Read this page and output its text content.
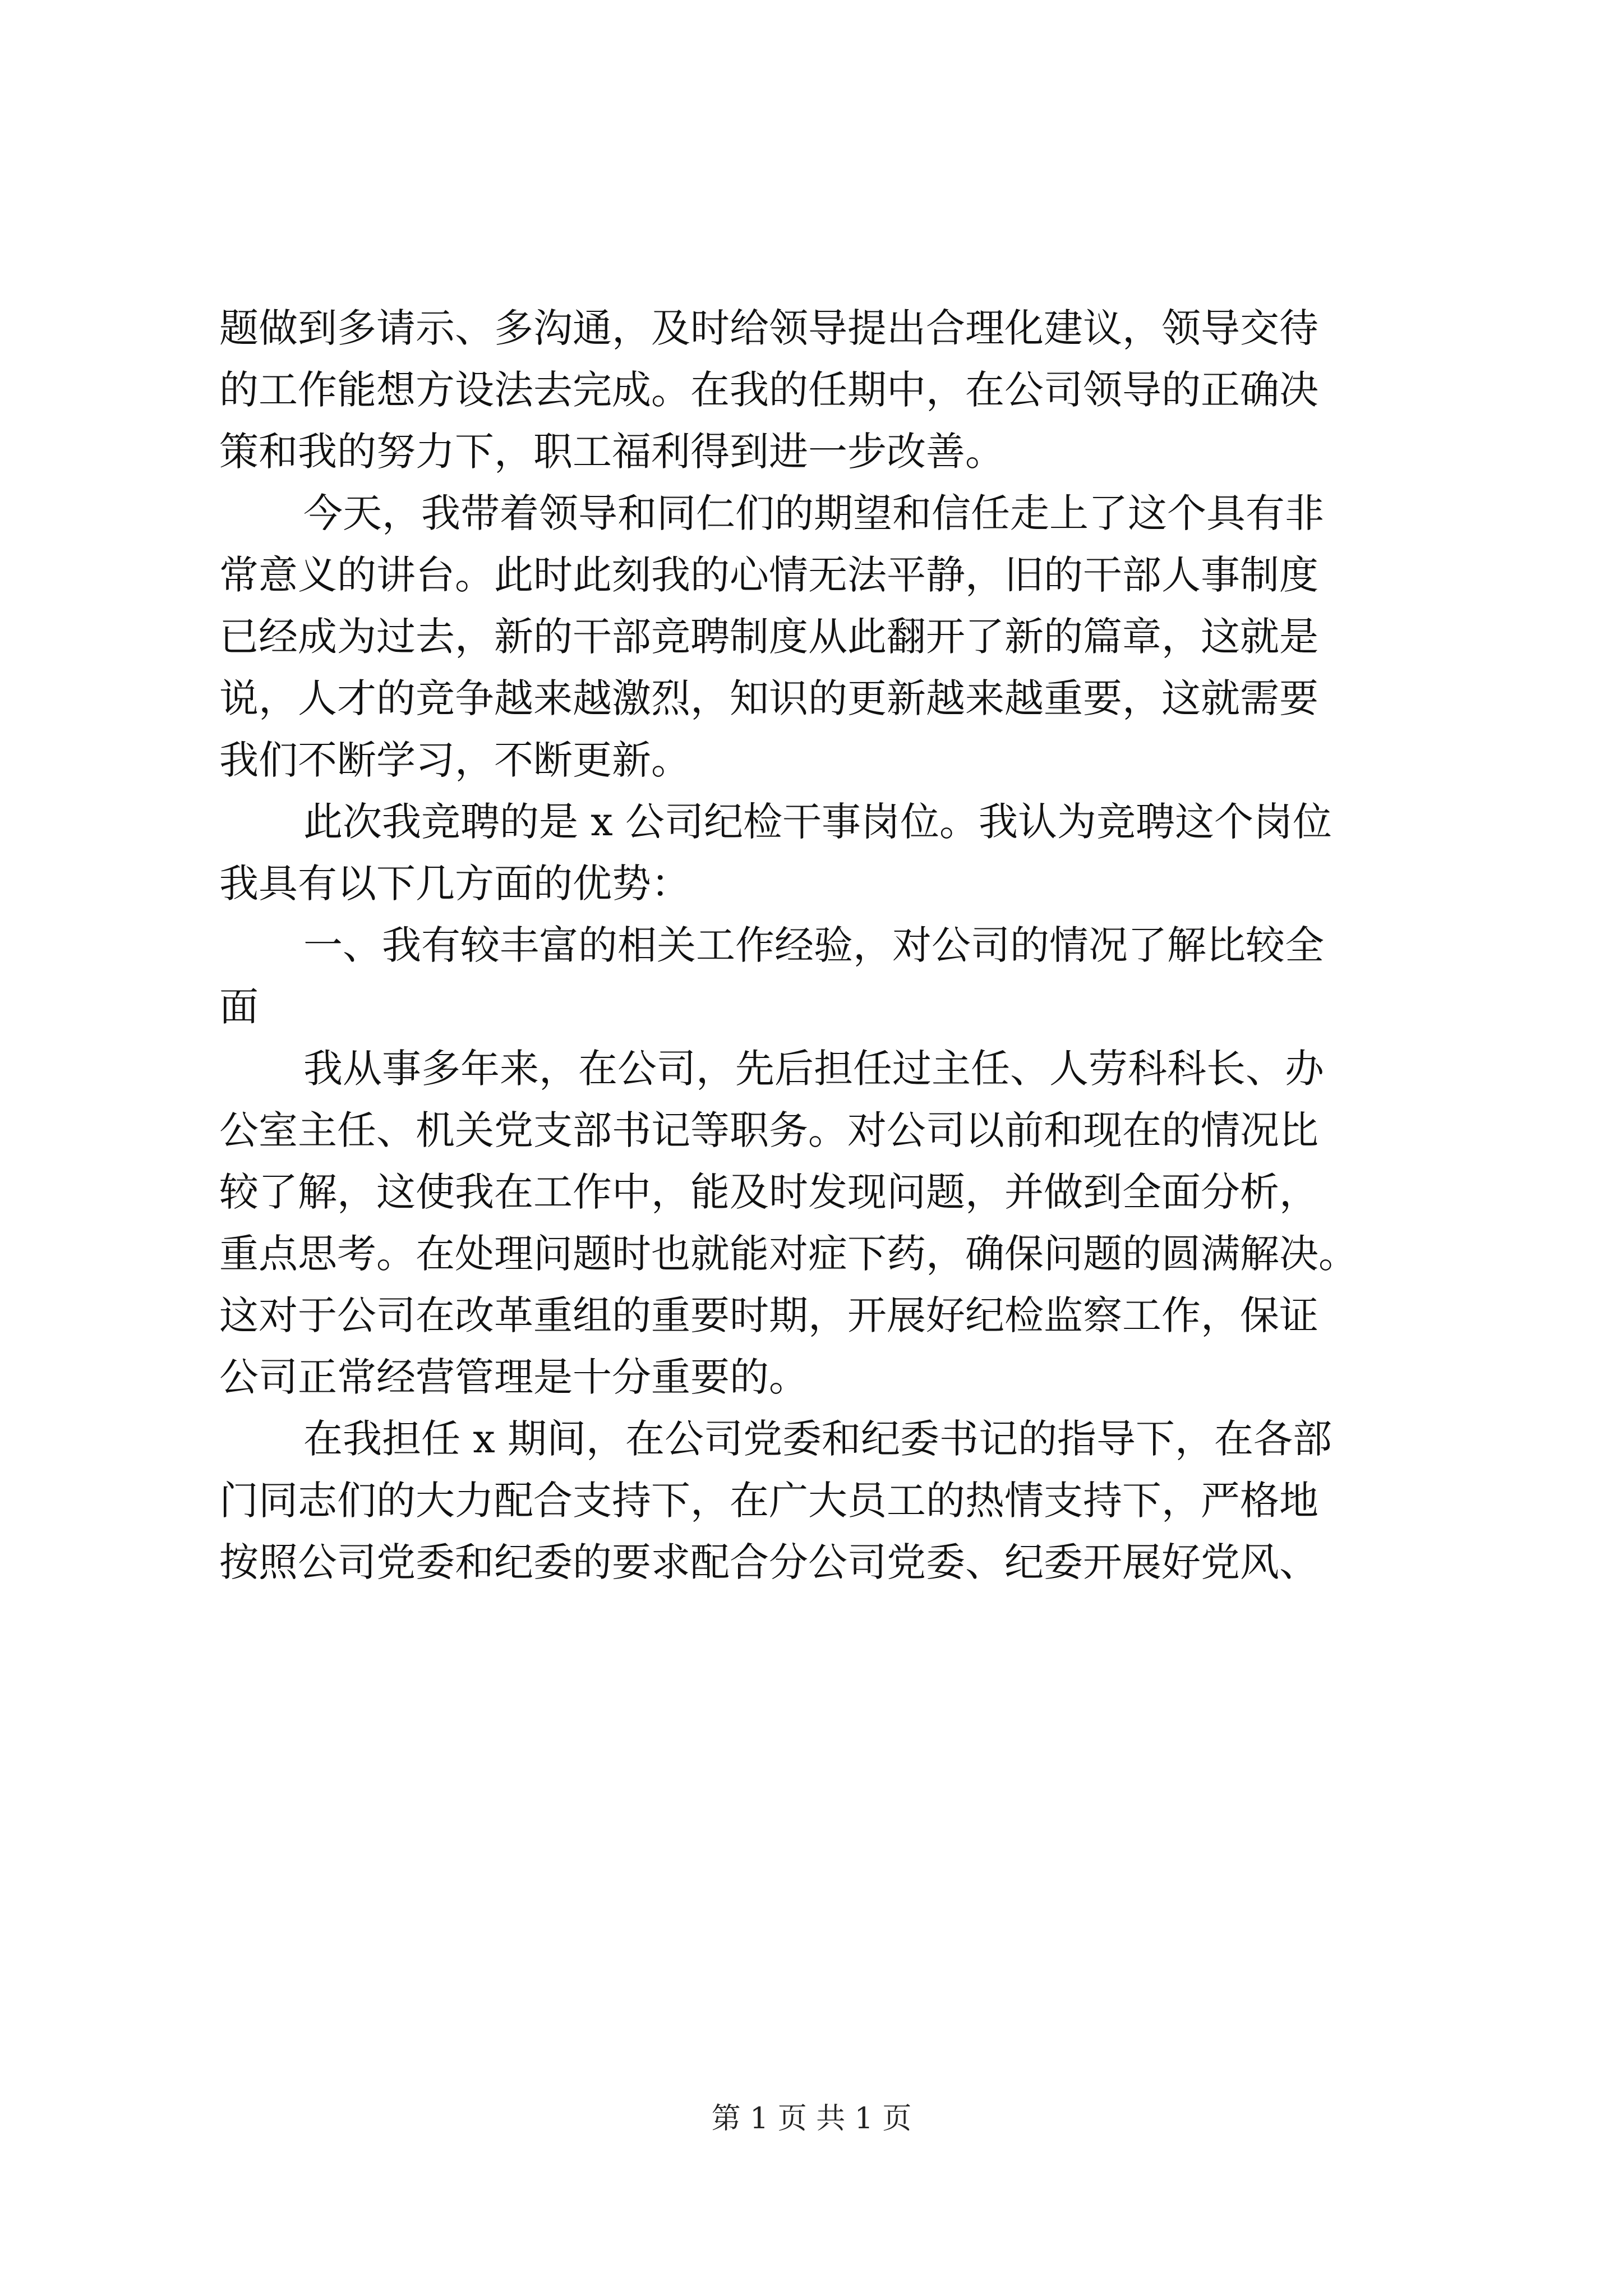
题做到多请示、多沟通，及时给领导提出合理化建议，领导交待
的工作能想方设法去完成。在我的任期中，在公司领导的正确决
策和我的努力下，职工福利得到进一步改善。
今天，我带着领导和同仁们的期望和信任走上了这个具有非
常意义的讲台。此时此刻我的心情无法平静，旧的干部人事制度
已经成为过去，新的干部竞聘制度从此翻开了新的篇章，这就是
说，人才的竞争越来越激烈，知识的更新越来越重要，这就需要
我们不断学习，不断更新。
此次我竞聘的是 x 公司纪检干事岗位。我认为竞聘这个岗位
我具有以下几方面的优势：
一、我有较丰富的相关工作经验，对公司的情况了解比较全
面
我从事多年来，在公司，先后担任过主任、人劳科科长、办
公室主任、机关党支部书记等职务。对公司以前和现在的情况比
较了解，这使我在工作中，能及时发现问题，并做到全面分析，
重点思考。在处理问题时也就能对症下药，确保问题的圆满解决。
这对于公司在改革重组的重要时期，开展好纪检监察工作，保证
公司正常经营管理是十分重要的。
在我担任 x 期间，在公司党委和纪委书记的指导下，在各部
门同志们的大力配合支持下，在广大员工的热情支持下，严格地
按照公司党委和纪委的要求配合分公司党委、纪委开展好党风、
第 1 页 共 1 页
